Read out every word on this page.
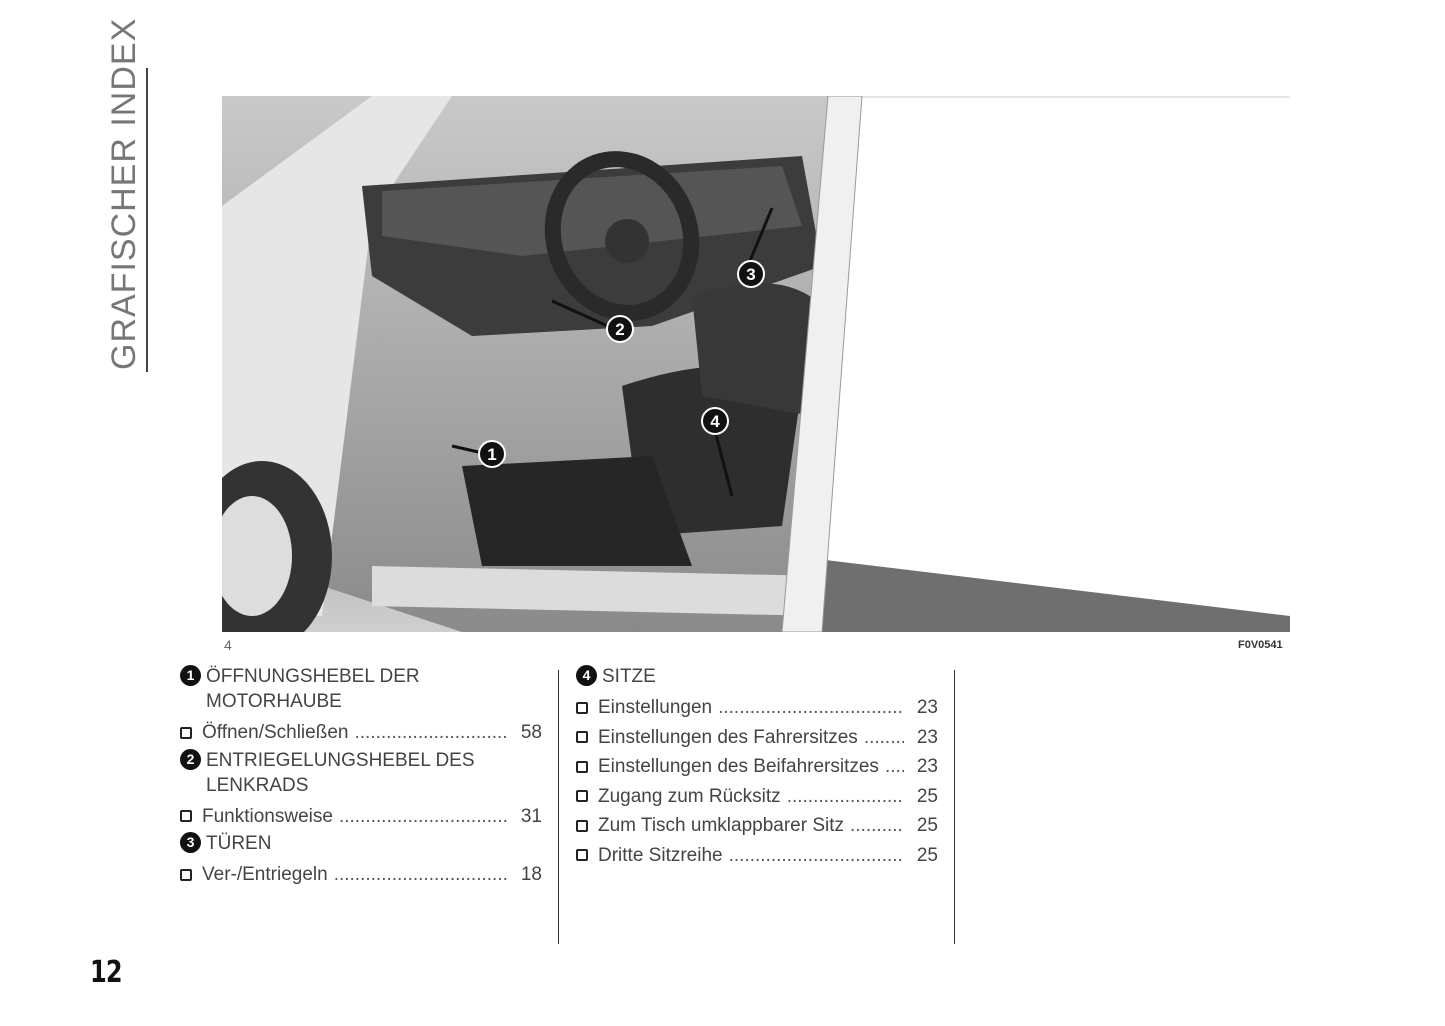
GRAFISCHER INDEX
1
2
3
4
4	F0V0541
1 ÖFFNUNGSHEBEL DER MOTORHAUBE
Öffnen/Schließen .....	58
2 ENTRIEGELUNGSHEBEL DES LENKRADS
Funktionsweise .....	31
3 TÜREN
Ver-/Entriegeln .....	18
4 SITZE
Einstellungen .....	23
Einstellungen des Fahrersitzes .....	23
Einstellungen des Beifahrersitzes .....	23
Zugang zum Rücksitz .....	25
Zum Tisch umklappbarer Sitz .....	25
Dritte Sitzreihe .....	25
12
